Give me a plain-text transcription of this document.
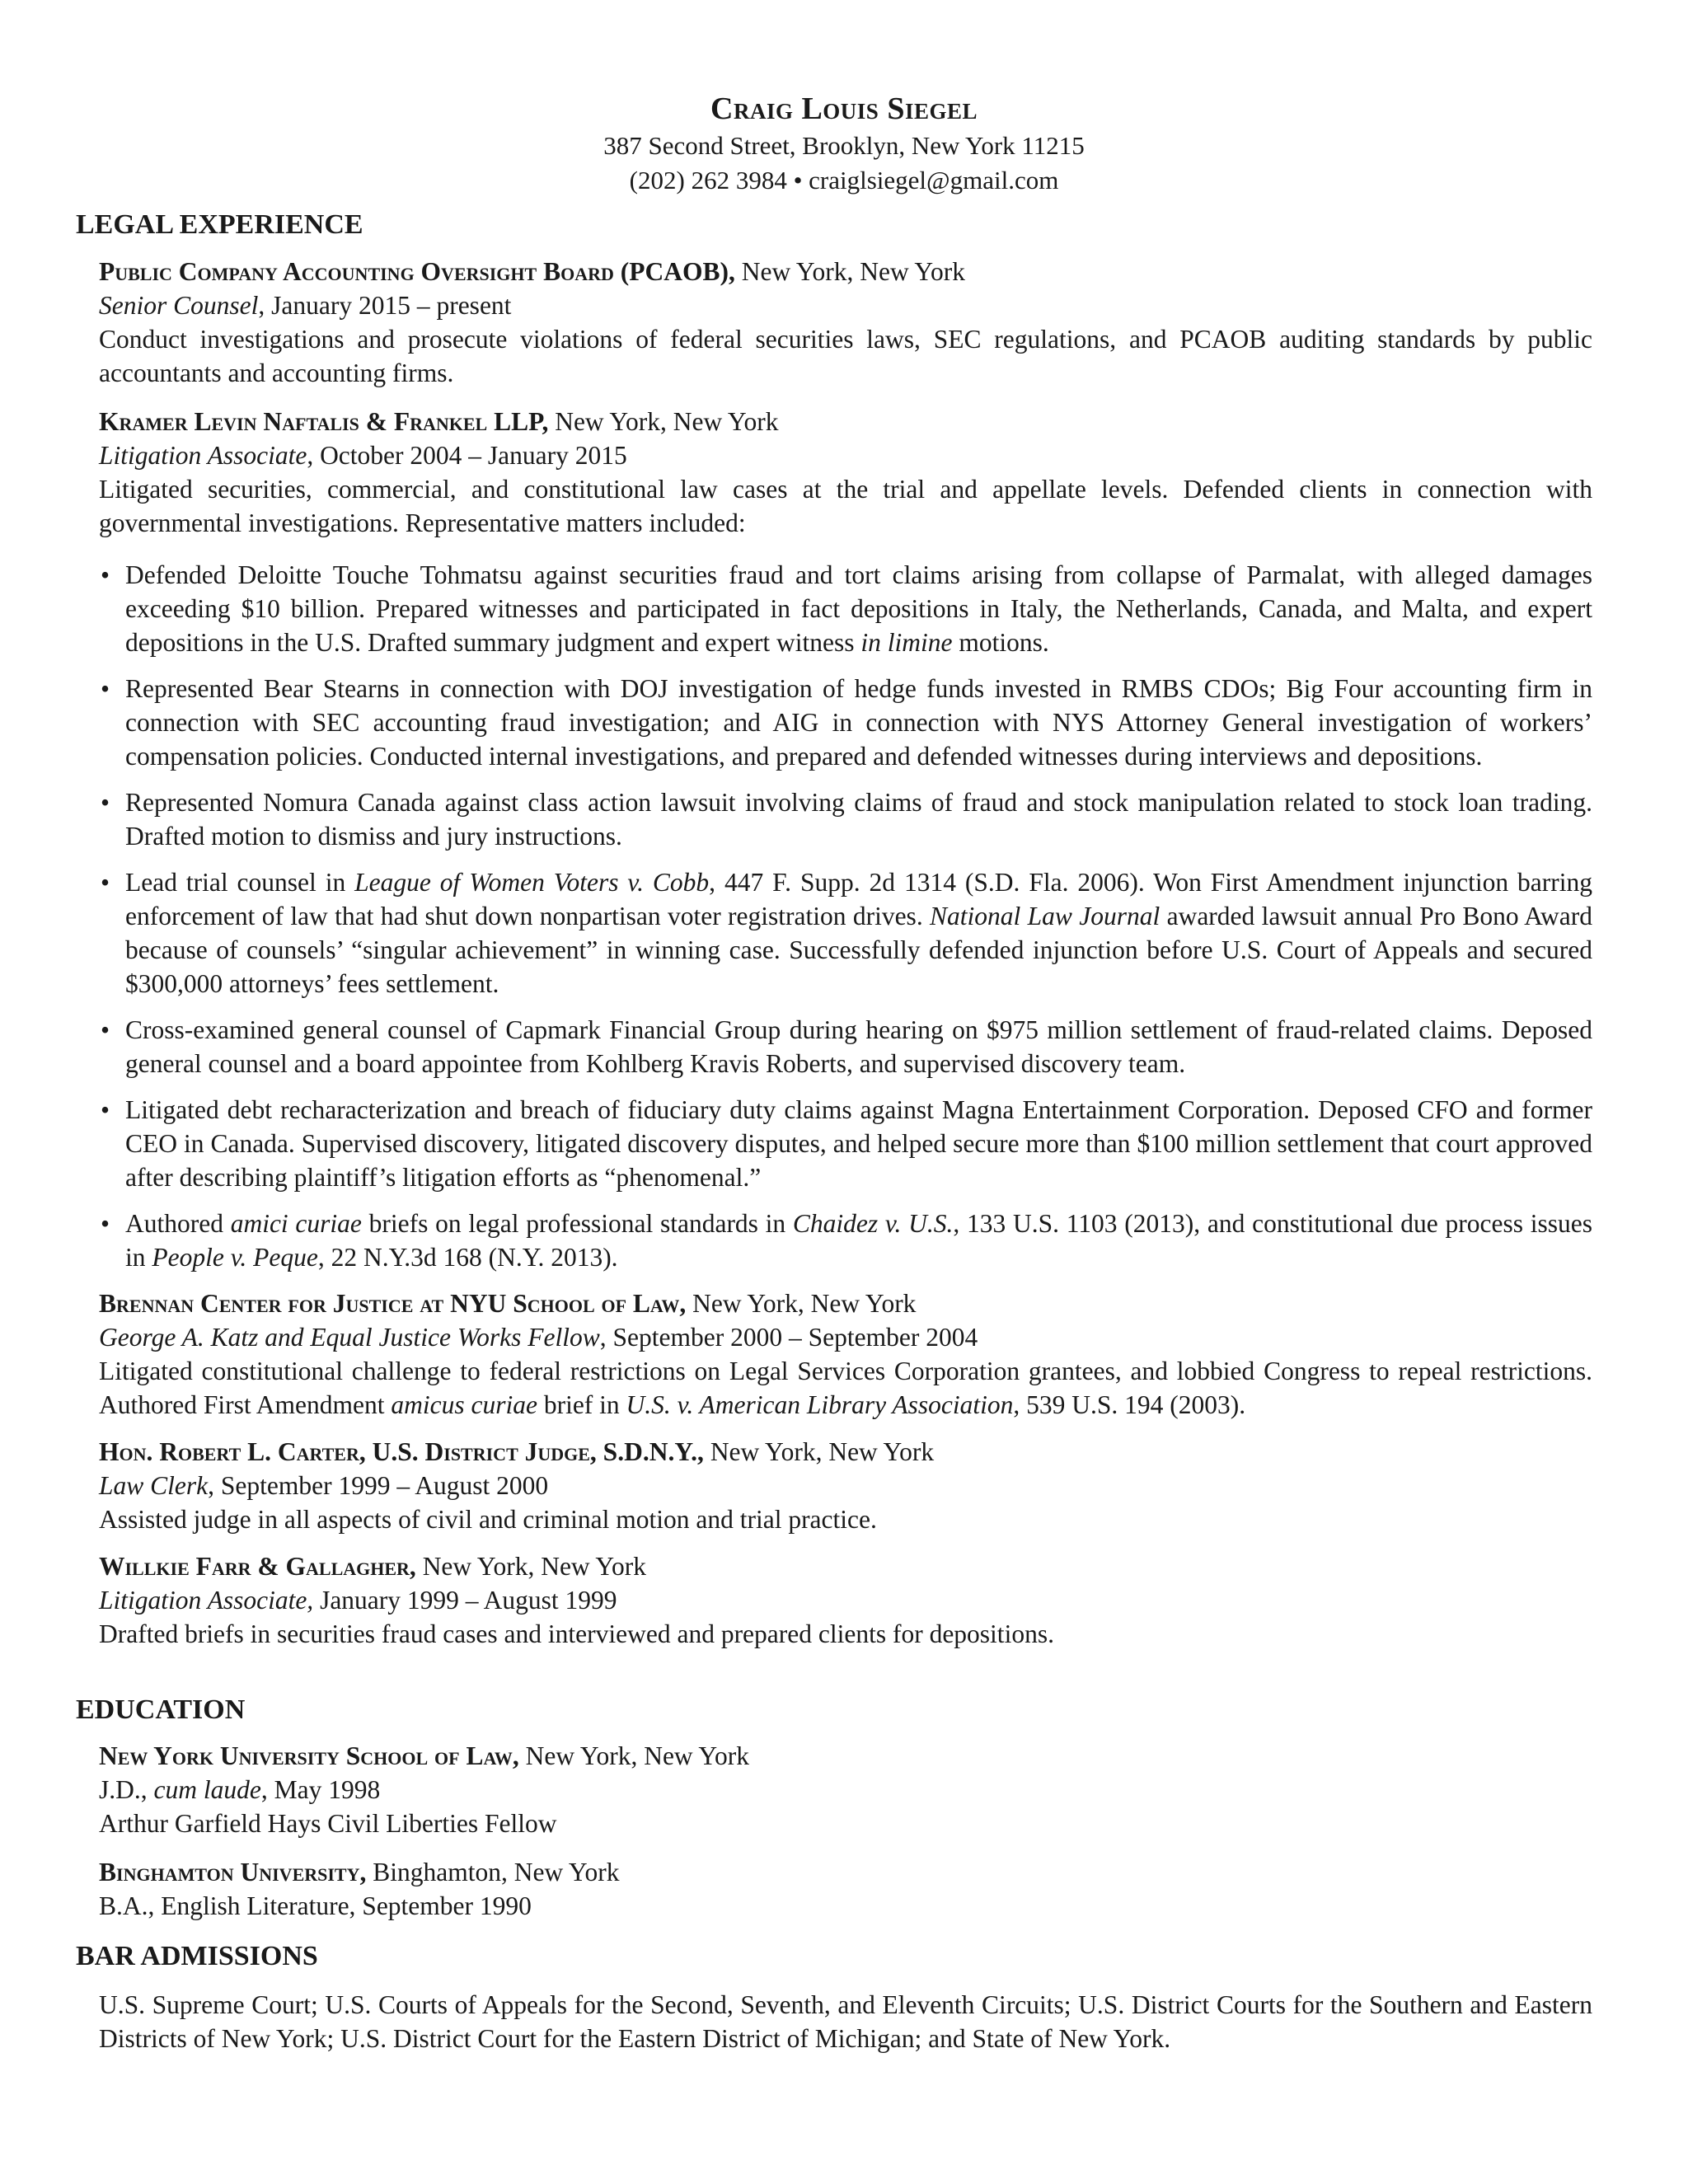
Craig Louis Siegel
387 Second Street, Brooklyn, New York 11215
(202) 262 3984 • craiglsiegel@gmail.com
LEGAL EXPERIENCE
Public Company Accounting Oversight Board (PCAOB), New York, New York
Senior Counsel, January 2015 – present
Conduct investigations and prosecute violations of federal securities laws, SEC regulations, and PCAOB auditing standards by public accountants and accounting firms.
Kramer Levin Naftalis & Frankel LLP, New York, New York
Litigation Associate, October 2004 – January 2015
Litigated securities, commercial, and constitutional law cases at the trial and appellate levels. Defended clients in connection with governmental investigations. Representative matters included:
• Defended Deloitte Touche Tohmatsu against securities fraud and tort claims arising from collapse of Parmalat, with alleged damages exceeding $10 billion. Prepared witnesses and participated in fact depositions in Italy, the Netherlands, Canada, and Malta, and expert depositions in the U.S. Drafted summary judgment and expert witness in limine motions.
• Represented Bear Stearns in connection with DOJ investigation of hedge funds invested in RMBS CDOs; Big Four accounting firm in connection with SEC accounting fraud investigation; and AIG in connection with NYS Attorney General investigation of workers’ compensation policies. Conducted internal investigations, and prepared and defended witnesses during interviews and depositions.
• Represented Nomura Canada against class action lawsuit involving claims of fraud and stock manipulation related to stock loan trading. Drafted motion to dismiss and jury instructions.
• Lead trial counsel in League of Women Voters v. Cobb, 447 F. Supp. 2d 1314 (S.D. Fla. 2006). Won First Amendment injunction barring enforcement of law that had shut down nonpartisan voter registration drives. National Law Journal awarded lawsuit annual Pro Bono Award because of counsels’ “singular achievement” in winning case. Successfully defended injunction before U.S. Court of Appeals and secured $300,000 attorneys’ fees settlement.
• Cross-examined general counsel of Capmark Financial Group during hearing on $975 million settlement of fraud-related claims. Deposed general counsel and a board appointee from Kohlberg Kravis Roberts, and supervised discovery team.
• Litigated debt recharacterization and breach of fiduciary duty claims against Magna Entertainment Corporation. Deposed CFO and former CEO in Canada. Supervised discovery, litigated discovery disputes, and helped secure more than $100 million settlement that court approved after describing plaintiff’s litigation efforts as “phenomenal.”
• Authored amici curiae briefs on legal professional standards in Chaidez v. U.S., 133 U.S. 1103 (2013), and constitutional due process issues in People v. Peque, 22 N.Y.3d 168 (N.Y. 2013).
Brennan Center for Justice at NYU School of Law, New York, New York
George A. Katz and Equal Justice Works Fellow, September 2000 – September 2004
Litigated constitutional challenge to federal restrictions on Legal Services Corporation grantees, and lobbied Congress to repeal restrictions. Authored First Amendment amicus curiae brief in U.S. v. American Library Association, 539 U.S. 194 (2003).
Hon. Robert L. Carter, U.S. District Judge, S.D.N.Y., New York, New York
Law Clerk, September 1999 – August 2000
Assisted judge in all aspects of civil and criminal motion and trial practice.
Willkie Farr & Gallagher, New York, New York
Litigation Associate, January 1999 – August 1999
Drafted briefs in securities fraud cases and interviewed and prepared clients for depositions.
EDUCATION
New York University School of Law, New York, New York
J.D., cum laude, May 1998
Arthur Garfield Hays Civil Liberties Fellow
Binghamton University, Binghamton, New York
B.A., English Literature, September 1990
BAR ADMISSIONS
U.S. Supreme Court; U.S. Courts of Appeals for the Second, Seventh, and Eleventh Circuits; U.S. District Courts for the Southern and Eastern Districts of New York; U.S. District Court for the Eastern District of Michigan; and State of New York.
